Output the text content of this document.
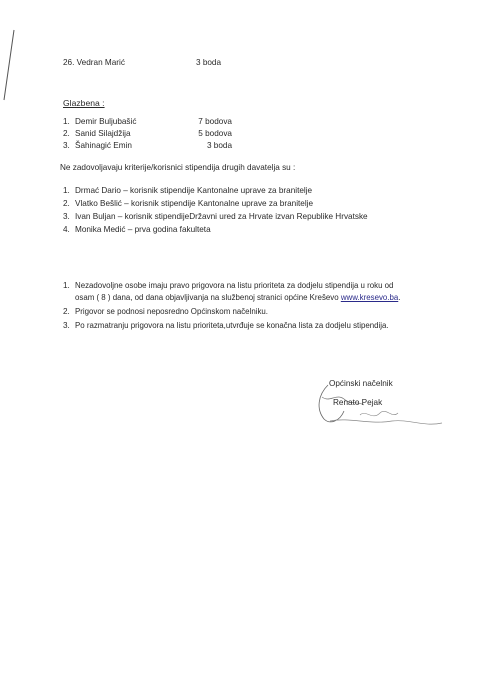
26. Vedran Marić	3 boda
Glazbena :
1. Demir Buljubašić	7 bodova
2. Sanid Silajdžija	5 bodova
3. Šahinagić Emin	3 boda
Ne zadovoljavaju kriterije/korisnici stipendija drugih davatelja su :
1. Drmać Dario – korisnik stipendije Kantonalne uprave za branitelje
2. Vlatko Bešlić – korisnik stipendije Kantonalne uprave za branitelje
3. Ivan Buljan – korisnik stipendijeDržavni ured za Hrvate izvan Republike Hrvatske
4. Monika Medić – prva godina fakulteta
1. Nezadovoljne osobe imaju pravo prigovora na listu prioriteta za dodjelu stipendija u roku od
osam ( 8 ) dana, od dana objavljivanja na službenoj stranici općine Kreševo www.kresevo.ba.
2. Prigovor se podnosi neposredno Općinskom načelniku.
3. Po razmatranju prigovora na listu prioriteta,utvrđuje se konačna lista za dodjelu stipendija.
Općinski načelnik
Renato Pejak
